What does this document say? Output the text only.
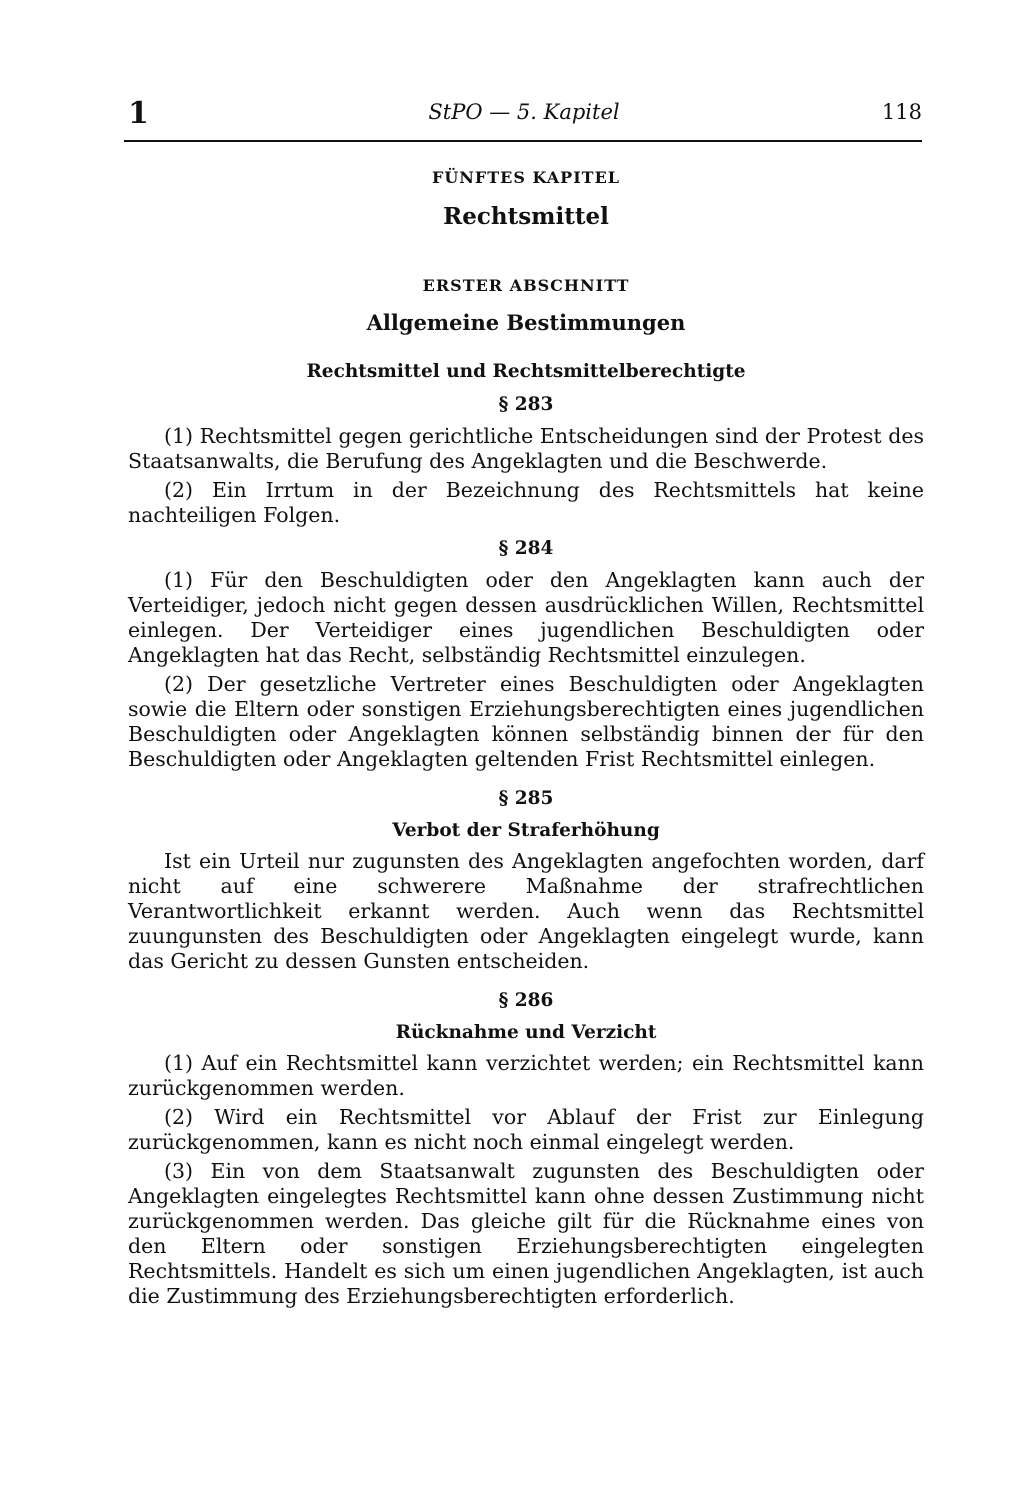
1	StPO — 5. Kapitel	118
FÜNFTES KAPITEL
Rechtsmittel
ERSTER ABSCHNITT
Allgemeine Bestimmungen
Rechtsmittel und Rechtsmittelberechtigte
§ 283

(1) Rechtsmittel gegen gerichtliche Entscheidungen sind der Protest des Staatsanwalts, die Berufung des Angeklagten und die Beschwerde.

(2) Ein Irrtum in der Bezeichnung des Rechtsmittels hat keine nachteiligen Folgen.

§ 284

(1) Für den Beschuldigten oder den Angeklagten kann auch der Verteidiger, jedoch nicht gegen dessen ausdrücklichen Willen, Rechtsmittel einlegen. Der Verteidiger eines jugendlichen Beschuldigten oder Angeklagten hat das Recht, selbständig Rechtsmittel einzulegen.

(2) Der gesetzliche Vertreter eines Beschuldigten oder Angeklagten sowie die Eltern oder sonstigen Erziehungsberechtigten eines jugendlichen Beschuldigten oder Angeklagten können selbständig binnen der für den Beschuldigten oder Angeklagten geltenden Frist Rechtsmittel einlegen.

§ 285
Verbot der Straferhöhung

Ist ein Urteil nur zugunsten des Angeklagten angefochten worden, darf nicht auf eine schwerere Maßnahme der strafrechtlichen Verantwortlichkeit erkannt werden. Auch wenn das Rechtsmittel zuungunsten des Beschuldigten oder Angeklagten eingelegt wurde, kann das Gericht zu dessen Gunsten entscheiden.

§ 286
Rücknahme und Verzicht

(1) Auf ein Rechtsmittel kann verzichtet werden; ein Rechtsmittel kann zurückgenommen werden.

(2) Wird ein Rechtsmittel vor Ablauf der Frist zur Einlegung zurückgenommen, kann es nicht noch einmal eingelegt werden.

(3) Ein von dem Staatsanwalt zugunsten des Beschuldigten oder Angeklagten eingelegtes Rechtsmittel kann ohne dessen Zustimmung nicht zurückgenommen werden. Das gleiche gilt für die Rücknahme eines von den Eltern oder sonstigen Erziehungsberechtigten eingelegten Rechtsmittels. Handelt es sich um einen jugendlichen Angeklagten, ist auch die Zustimmung des Erziehungsberechtigten erforderlich.
